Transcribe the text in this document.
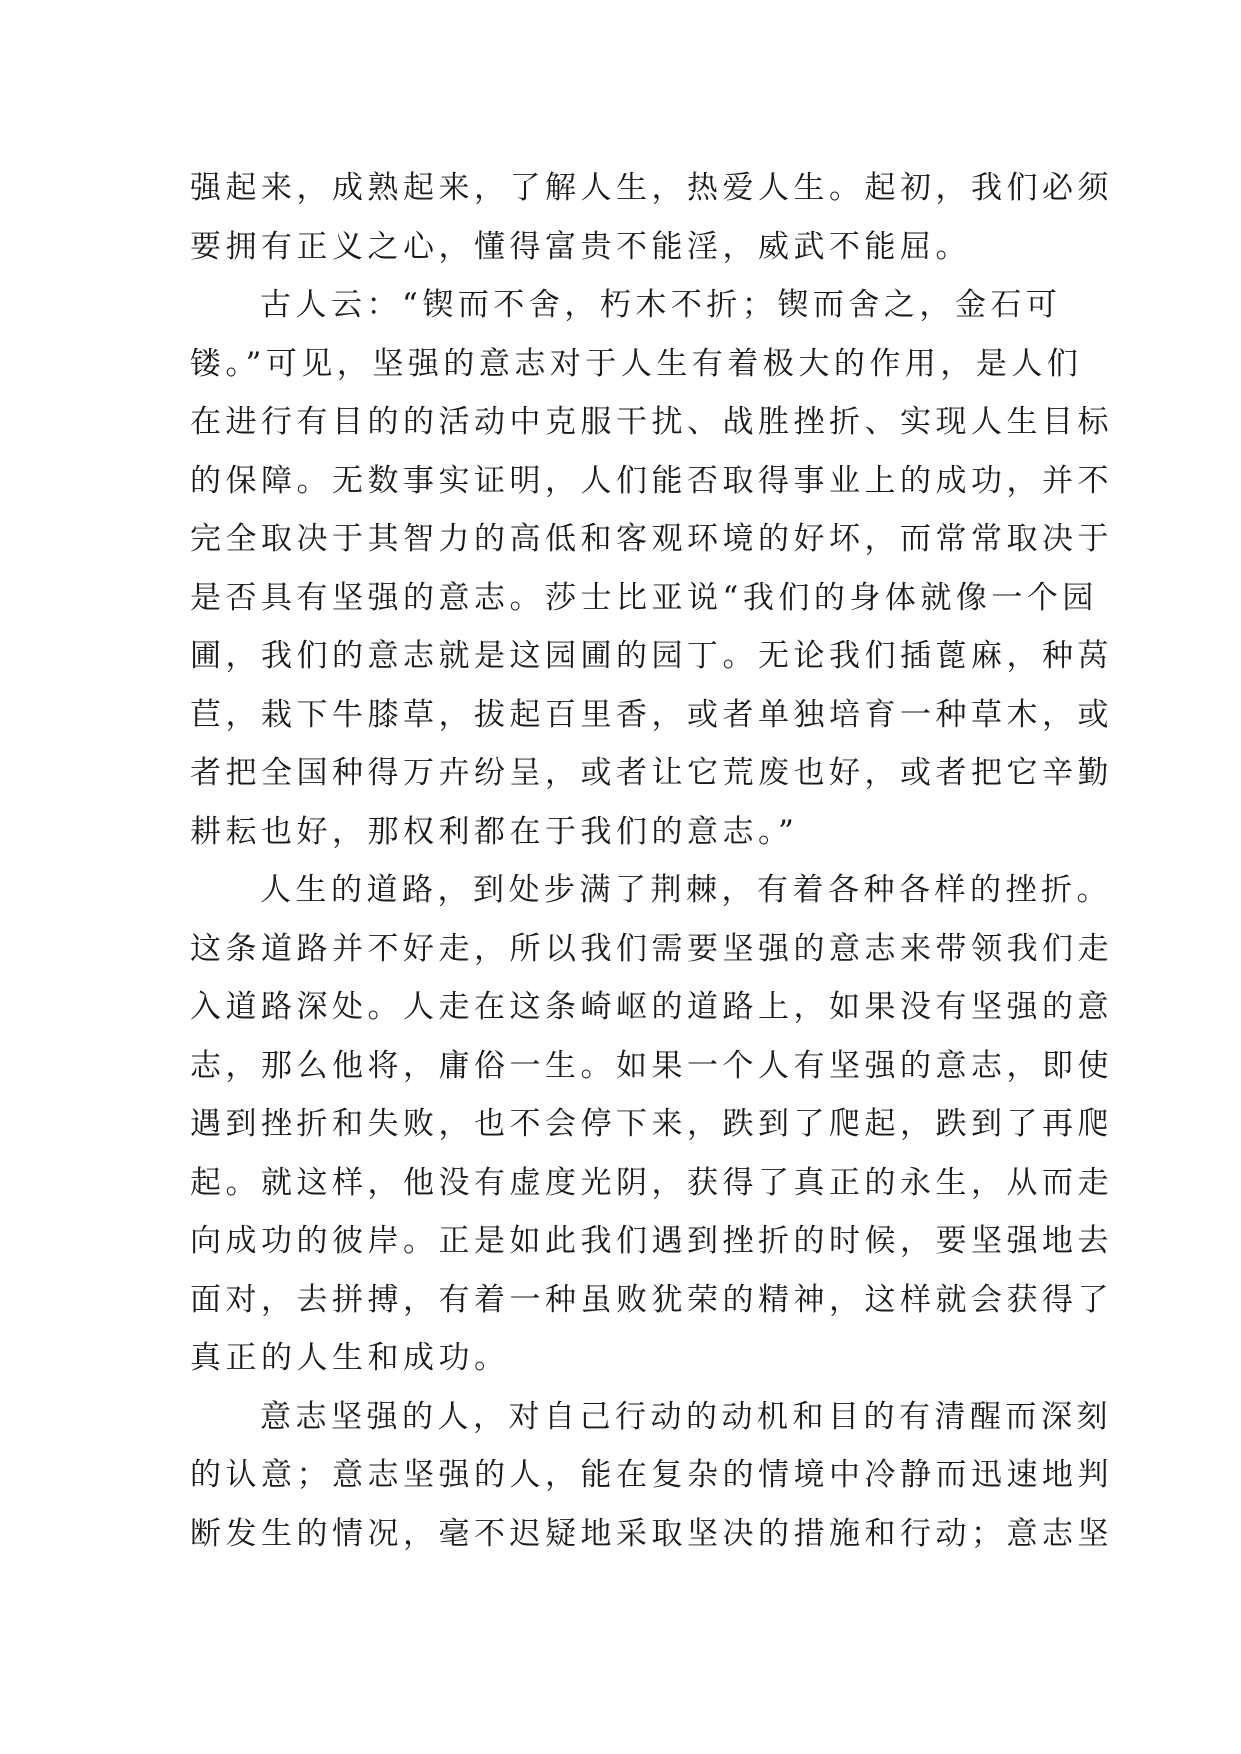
强起来，成熟起来，了解人生，热爱人生。起初，我们必须
要拥有正义之心，懂得富贵不能淫，威武不能屈。
古人云：“锲而不舍，朽木不折；锲而舍之，金石可
镂。”可见，坚强的意志对于人生有着极大的作用，是人们
在进行有目的的活动中克服干扰、战胜挫折、实现人生目标
的保障。无数事实证明，人们能否取得事业上的成功，并不
完全取决于其智力的高低和客观环境的好坏，而常常取决于
是否具有坚强的意志。莎士比亚说“我们的身体就像一个园
圃，我们的意志就是这园圃的园丁。无论我们插蓖麻，种莴
苣，栽下牛膝草，拔起百里香，或者单独培育一种草木，或
者把全国种得万卉纷呈，或者让它荒废也好，或者把它辛勤
耕耘也好，那权利都在于我们的意志。”
人生的道路，到处步满了荆棘，有着各种各样的挫折。
这条道路并不好走，所以我们需要坚强的意志来带领我们走
入道路深处。人走在这条崎岖的道路上，如果没有坚强的意
志，那么他将，庸俗一生。如果一个人有坚强的意志，即使
遇到挫折和失败，也不会停下来，跌到了爬起，跌到了再爬
起。就这样，他没有虚度光阴，获得了真正的永生，从而走
向成功的彼岸。正是如此我们遇到挫折的时候，要坚强地去
面对，去拼搏，有着一种虽败犹荣的精神，这样就会获得了
真正的人生和成功。
意志坚强的人，对自己行动的动机和目的有清醒而深刻
的认意；意志坚强的人，能在复杂的情境中冷静而迅速地判
断发生的情况，毫不迟疑地采取坚决的措施和行动；意志坚
